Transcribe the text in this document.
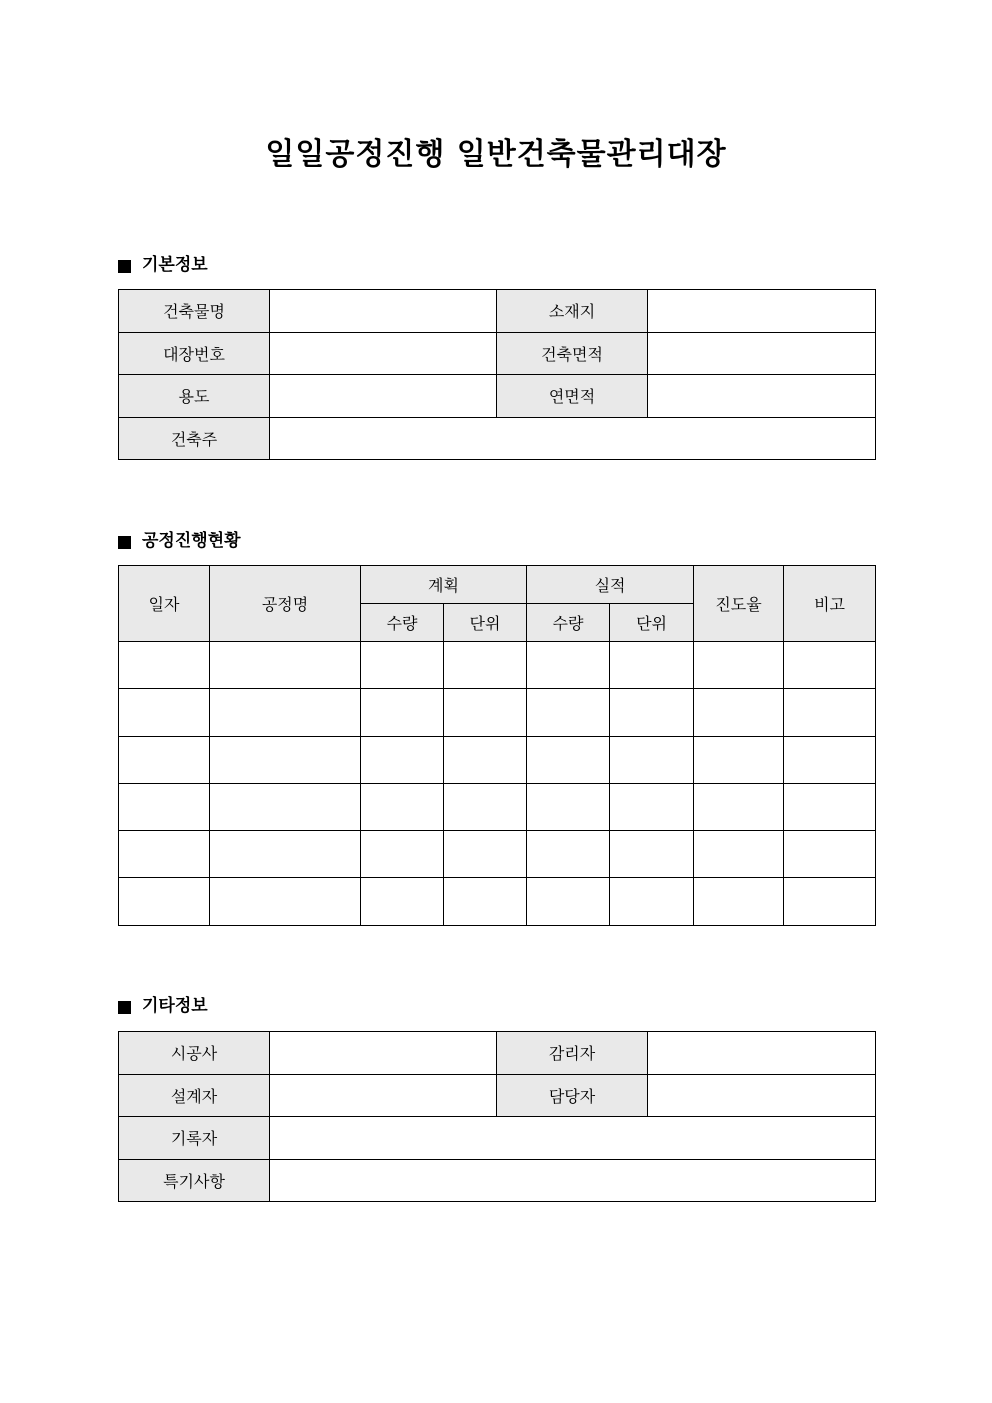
일일공정진행 일반건축물관리대장
기본정보
건축물명		소재지	
대장번호		건축면적	
용도		연면적	
건축주			
공정진행현황
일자	공정명	계획		실적		진도율	비고
		수량	단위	수량	단위		

기타정보
시공사		감리자	
설계자		담당자	
기록자			
특기사항			
